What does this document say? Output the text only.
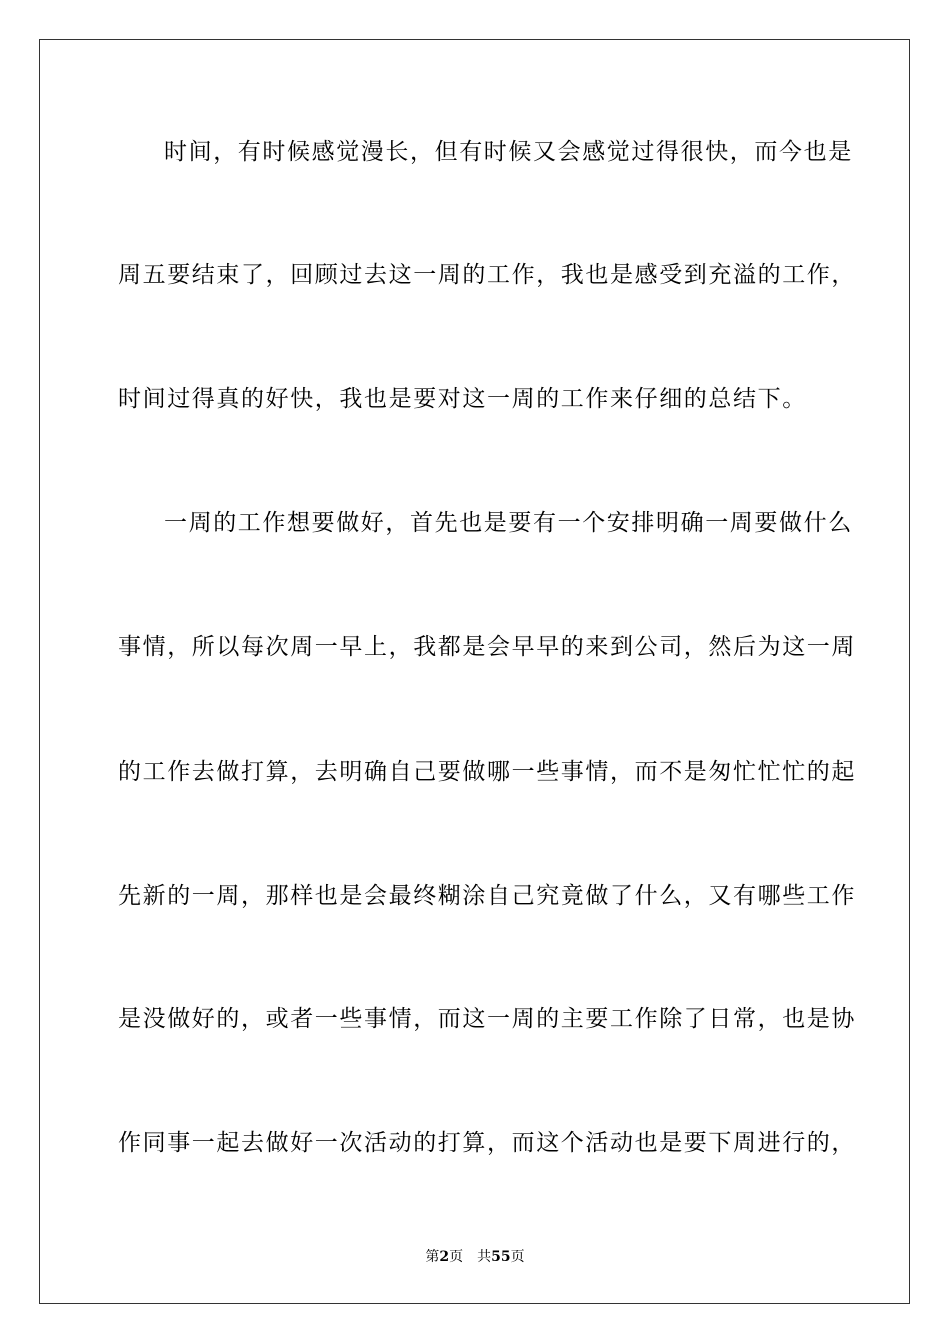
时间，有时候感觉漫长，但有时候又会感觉过得很快，而今也是
周五要结束了，回顾过去这一周的工作，我也是感受到充溢的工作，
时间过得真的好快，我也是要对这一周的工作来仔细的总结下。
一周的工作想要做好，首先也是要有一个安排明确一周要做什么
事情，所以每次周一早上，我都是会早早的来到公司，然后为这一周
的工作去做打算，去明确自己要做哪一些事情，而不是匆忙忙忙的起
先新的一周，那样也是会最终糊涂自己究竟做了什么，又有哪些工作
是没做好的，或者一些事情，而这一周的主要工作除了日常，也是协
作同事一起去做好一次活动的打算，而这个活动也是要下周进行的，
第2页 共55页
